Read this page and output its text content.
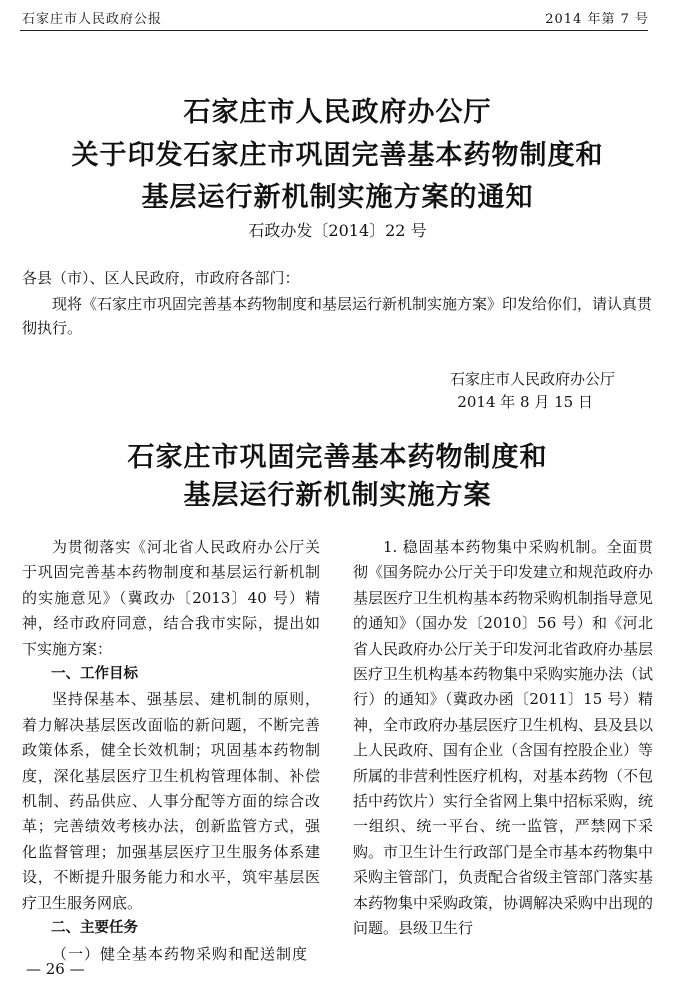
石家庄市人民政府公报	2014 年第 7 号
石家庄市人民政府办公厅
关于印发石家庄市巩固完善基本药物制度和
基层运行新机制实施方案的通知
石政办发〔2014〕22 号
各县（市）、区人民政府，市政府各部门：
现将《石家庄市巩固完善基本药物制度和基层运行新机制实施方案》印发给你们，请认真贯彻执行。
石家庄市人民政府办公厅
2014 年 8 月 15 日
石家庄市巩固完善基本药物制度和
基层运行新机制实施方案

为贯彻落实《河北省人民政府办公厅关于巩固完善基本药物制度和基层运行新机制的实施意见》（冀政办〔2013〕40 号）精神，经市政府同意，结合我市实际，提出如下实施方案：

一、工作目标

坚持保基本、强基层、建机制的原则，着力解决基层医改面临的新问题，不断完善政策体系，健全长效机制；巩固基本药物制度，深化基层医疗卫生机构管理体制、补偿机制、药品供应、人事分配等方面的综合改革；完善绩效考核办法，创新监管方式，强化监督管理；加强基层医疗卫生服务体系建设，不断提升服务能力和水平，筑牢基层医疗卫生服务网底。

二、主要任务

（一）健全基本药物采购和配送制度

1. 稳固基本药物集中采购机制。全面贯彻《国务院办公厅关于印发建立和规范政府办基层医疗卫生机构基本药物采购机制指导意见的通知》（国办发〔2010〕56 号）和《河北省人民政府办公厅关于印发河北省政府办基层医疗卫生机构基本药物集中采购实施办法（试行）的通知》（冀政办函〔2011〕15 号）精神，全市政府办基层医疗卫生机构、县及县以上人民政府、国有企业（含国有控股企业）等所属的非营利性医疗机构，对基本药物（不包括中药饮片）实行全省网上集中招标采购，统一组织、统一平台、统一监管，严禁网下采购。市卫生计生行政部门是全市基本药物集中采购主管部门，负责配合省级主管部门落实基本药物集中采购政策，协调解决采购中出现的问题。县级卫生行

— 26 —
